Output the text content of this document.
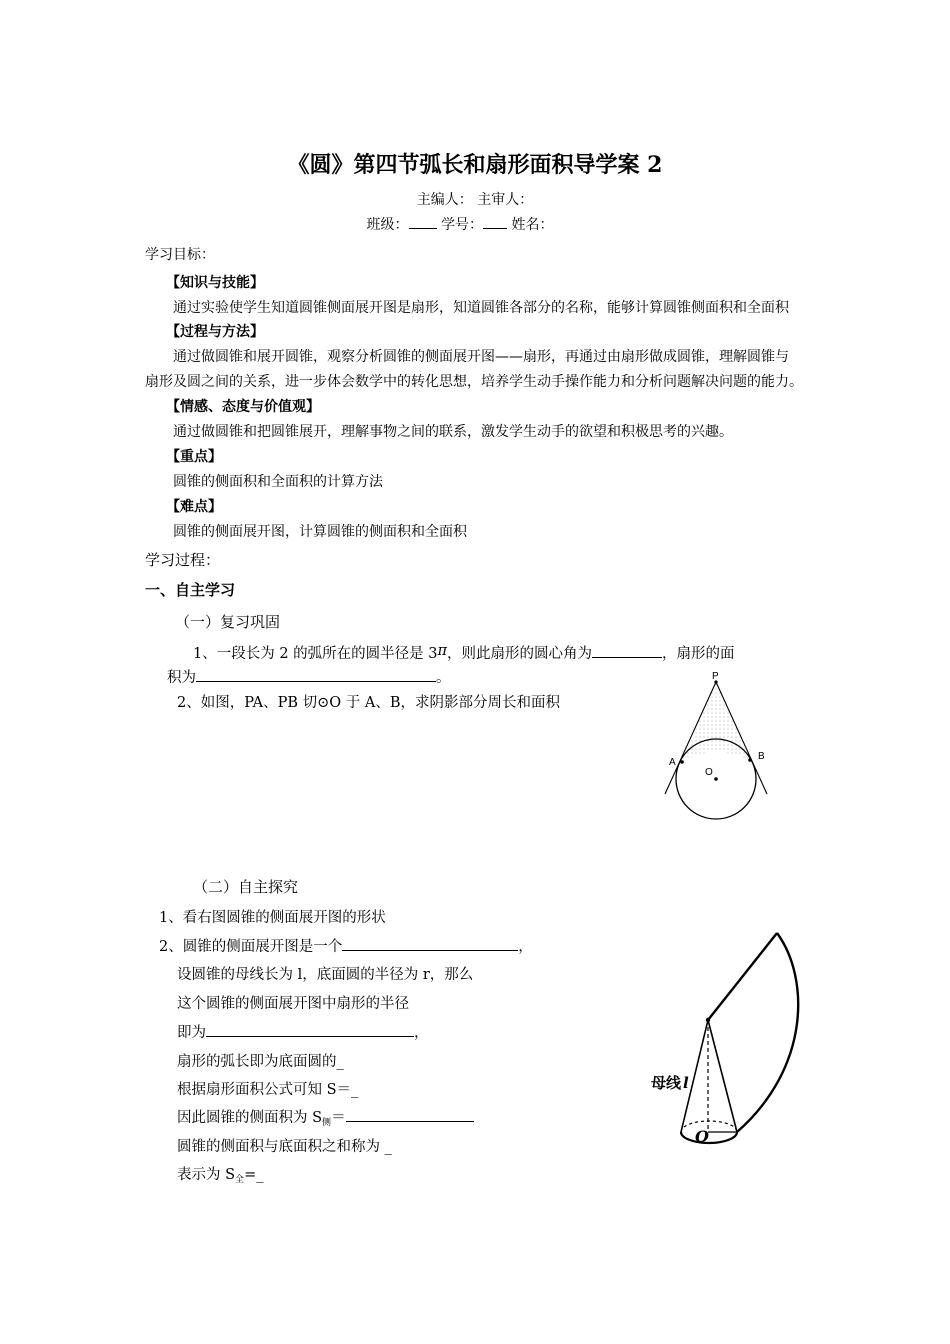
《圆》第四节弧长和扇形面积导学案 2
主编人： 主审人：
班级： 学号： 姓名：
学习目标：
【知识与技能】
通过实验使学生知道圆锥侧面展开图是扇形，知道圆锥各部分的名称，能够计算圆锥侧面积和全面积
【过程与方法】
通过做圆锥和展开圆锥，观察分析圆锥的侧面展开图——扇形，再通过由扇形做成圆锥，理解圆锥与
扇形及圆之间的关系，进一步体会数学中的转化思想，培养学生动手操作能力和分析问题解决问题的能力。
【情感、态度与价值观】
通过做圆锥和把圆锥展开，理解事物之间的联系，激发学生动手的欲望和积极思考的兴趣。
【重点】
圆锥的侧面积和全面积的计算方法
【难点】
圆锥的侧面展开图，计算圆锥的侧面积和全面积
学习过程：
一、自主学习
（一）复习巩固
1、一段长为 2 的弧所在的圆半径是 3π，则此扇形的圆心角为	，扇形的面
积为	。
2、如图，PA、PB 切⊙O 于 A、B，求阴影部分周长和面积
P
A
B
O
（二）自主探究
1、看右图圆锥的侧面展开图的形状
2、圆锥的侧面展开图是一个	，
设圆锥的母线长为 l，底面圆的半径为 r，那么
这个圆锥的侧面展开图中扇形的半径
即为	，
扇形的弧长即为底面圆的_
根据扇形面积公式可知 S＝_
因此圆锥的侧面积为 $S_侧=$
圆锥的侧面积与底面积之和称为 _
表示为 $S_全=\_$
母线 l
O
